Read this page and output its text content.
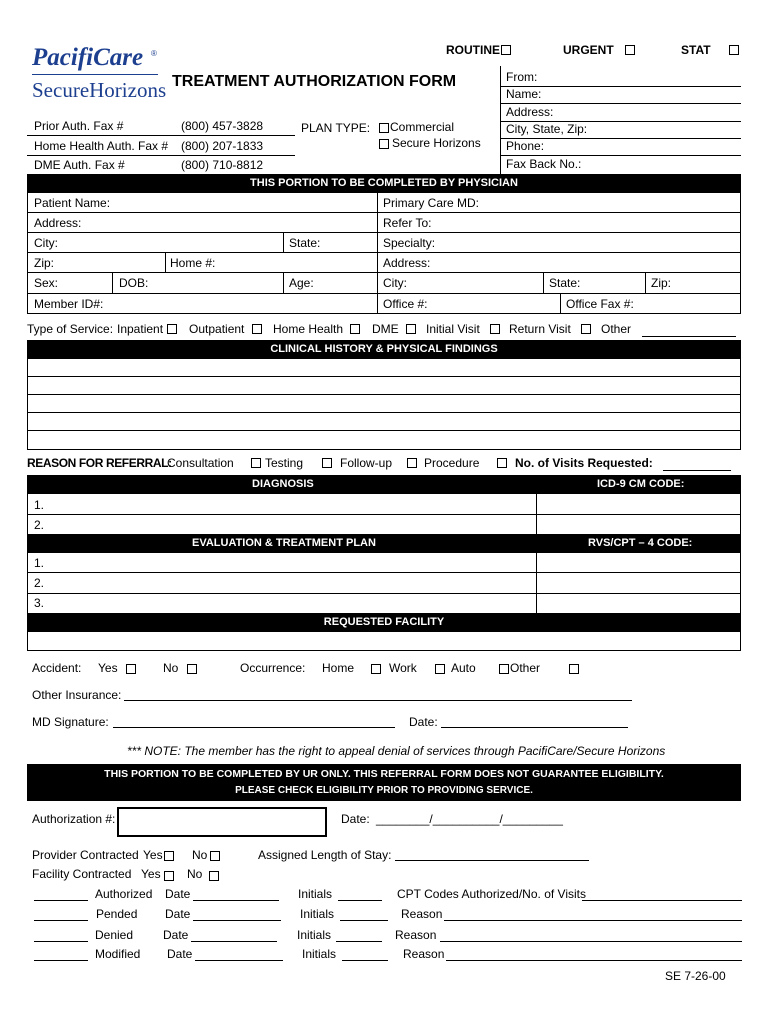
PacifiCare ®
SecureHorizons
ROUTINE	URGENT	STAT
TREATMENT AUTHORIZATION FORM	From:
Name:
Address:
City, State, Zip:
Phone:
Fax Back No.:
Prior Auth. Fax #	(800) 457-3828
Home Health Auth. Fax # (800) 207-1833
DME Auth. Fax #	(800) 710-8812
PLAN TYPE: Commercial
Secure Horizons
THIS PORTION TO BE COMPLETED BY PHYSICIAN
Patient Name:	Primary Care MD:
Address:	Refer To:
City:	State:	Specialty:
Zip:	Home #:	Address:
Sex:	DOB:	Age:	City:	State:	Zip:
Member ID#:	Office #:	Office Fax #:
Type of Service: Inpatient Outpatient Home Health DME Initial Visit Return Visit	Other
CLINICAL HISTORY & PHYSICAL FINDINGS
REASON FOR REFERRAL:
Consultation	Testing	Follow-up	Procedure	No. of Visits Requested:
DIAGNOSIS	ICD-9 CM CODE:
1.
2.
EVALUATION & TREATMENT PLAN	RVS/CPT – 4 CODE:
1.
2.
3.
REQUESTED FACILITY
Accident: Yes	No	Occurrence: Home	Work	Auto	Other
Other Insurance:
MD Signature:	Date:
*** NOTE: The member has the right to appeal denial of services through PacifiCare/Secure Horizons
THIS PORTION TO BE COMPLETED BY UR ONLY. THIS REFERRAL FORM DOES NOT GUARANTEE ELIGIBILITY.
PLEASE CHECK ELIGIBILITY PRIOR TO PROVIDING SERVICE.
Authorization #:	Date: ________/__________/_________
Provider Contracted Yes No	Assigned Length of Stay:
Facility Contracted Yes No
Authorized Date	Initials	CPT Codes Authorized/No. of Visits
Pended Date	Initials	Reason
Denied Date	Initials	Reason
Modified Date	Initials	Reason
SE 7-26-00
